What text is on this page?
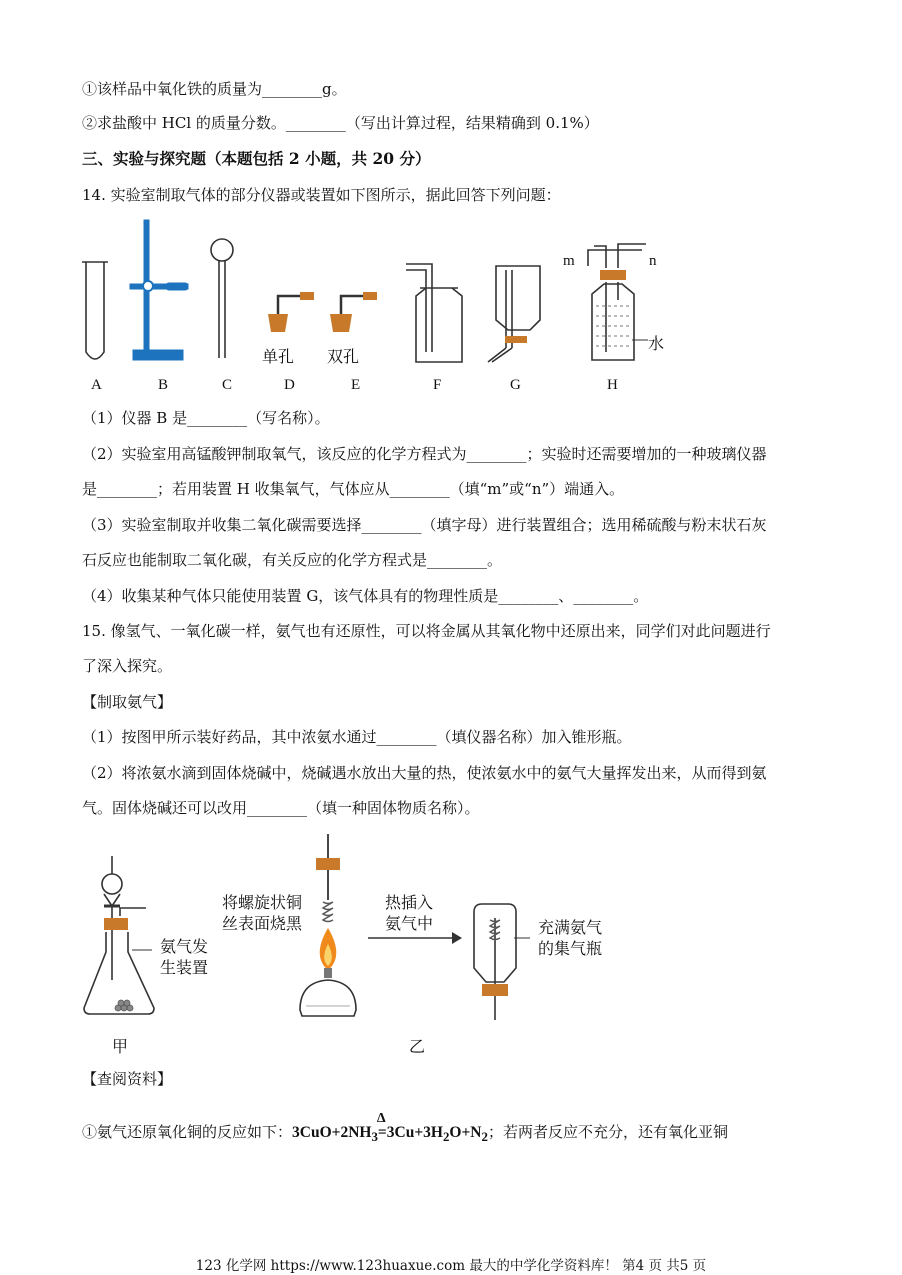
①该样品中氧化铁的质量为________g。
②求盐酸中 HCl 的质量分数。________（写出计算过程，结果精确到 0.1%）
三、实验与探究题（本题包括 2 小题，共 20 分）
14. 实验室制取气体的部分仪器或装置如下图所示，据此回答下列问题：
m	n
水
单孔 双孔
A	B	C	D	E	F	G	H
（1）仪器 B 是________（写名称）。
（2）实验室用高锰酸钾制取氧气，该反应的化学方程式为________；实验时还需要增加的一种玻璃仪器
是________；若用装置 H 收集氧气，气体应从________（填“m”或“n”）端通入。
（3）实验室制取并收集二氧化碳需要选择________（填字母）进行装置组合；选用稀硫酸与粉末状石灰
石反应也能制取二氧化碳，有关反应的化学方程式是________。
（4）收集某种气体只能使用装置 G，该气体具有的物理性质是________、________。
15. 像氢气、一氧化碳一样，氨气也有还原性，可以将金属从其氧化物中还原出来，同学们对此问题进行
了深入探究。
【制取氨气】
（1）按图甲所示装好药品，其中浓氨水通过________（填仪器名称）加入锥形瓶。
（2）将浓氨水滴到固体烧碱中，烧碱遇水放出大量的热，使浓氨水中的氨气大量挥发出来，从而得到氨
气。固体烧碱还可以改用________（填一种固体物质名称）。
氨气发
生装置
将螺旋状铜
丝表面烧黑
热插入
氨气中	充满氨气
的集气瓶
甲	乙
【查阅资料】
①氨气还原氧化铜的反应如下：$3CuO+2NH_3$
Δ
$=3Cu+3H_2O+N_2$；若两者反应不充分，还有氧化亚铜
123 化学网 https://www.123huaxue.com 最大的中学化学资料库！ 第4 页 共5 页
